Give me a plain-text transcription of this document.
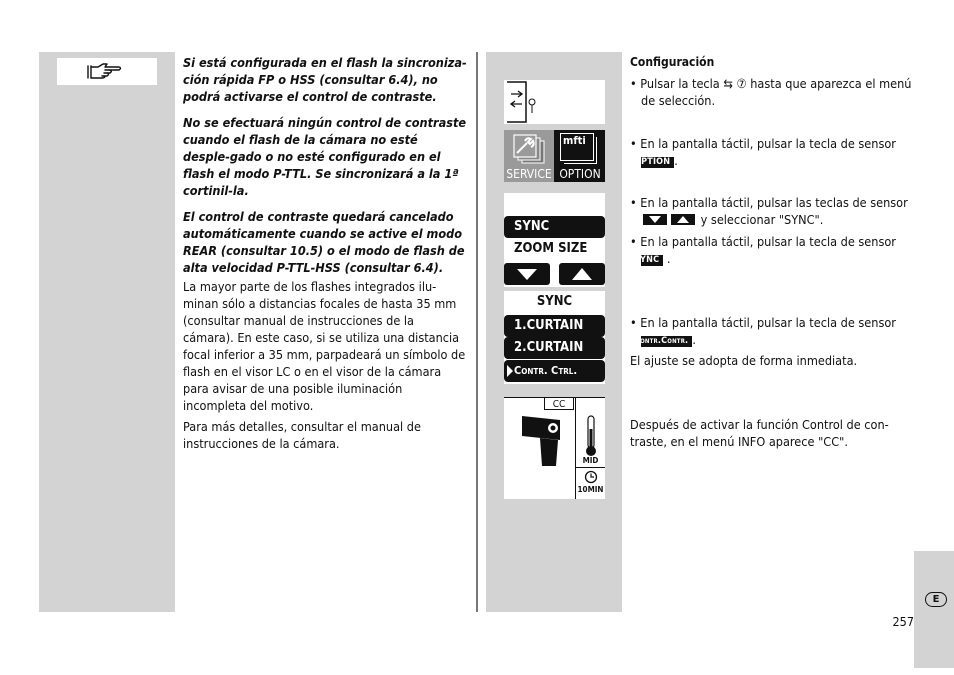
Si está configurada en el flash la sincroniza-ción rápida FP o HSS (consultar 6.4), no podrá activarse el control de contraste.

No se efectuará ningún control de contraste cuando el flash de la cámara no esté desple-gado o no esté configurado en el flash el modo P-TTL. Se sincronizará a la 1ª cortinil-la.

El control de contraste quedará cancelado automáticamente cuando se active el modo REAR (consultar 10.5) o el modo de flash de alta velocidad P-TTL-HSS (consultar 6.4).

La mayor parte de los flashes integrados ilu-minan sólo a distancias focales de hasta 35 mm (consultar manual de instrucciones de la cámara). En este caso, si se utiliza una distancia focal inferior a 35 mm, parpadeará un símbolo de flash en el visor LC o en el visor de la cámara para avisar de una posible iluminación incompleta del motivo.

Para más detalles, consultar el manual de instrucciones de la cámara.

SERVICE
mfti
OPTION
SYNC
ZOOM SIZE
SYNC
1.CURTAIN
2.CURTAIN
Contr. Ctrl.
CC
MID
10MIN
Configuración
• Pulsar la tecla ⇆ ⑦ hasta que aparezca el menú de selección.
• En la pantalla táctil, pulsar la tecla de sensor OPTION .
• En la pantalla táctil, pulsar las teclas de sensor
y seleccionar "SYNC".
• En la pantalla táctil, pulsar la tecla de sensor SYNC .
• En la pantalla táctil, pulsar la tecla de sensor Contr.Contr. .
El ajuste se adopta de forma inmediata.
Después de activar la función Control de con-traste, en el menú INFO aparece "CC".
E
257
